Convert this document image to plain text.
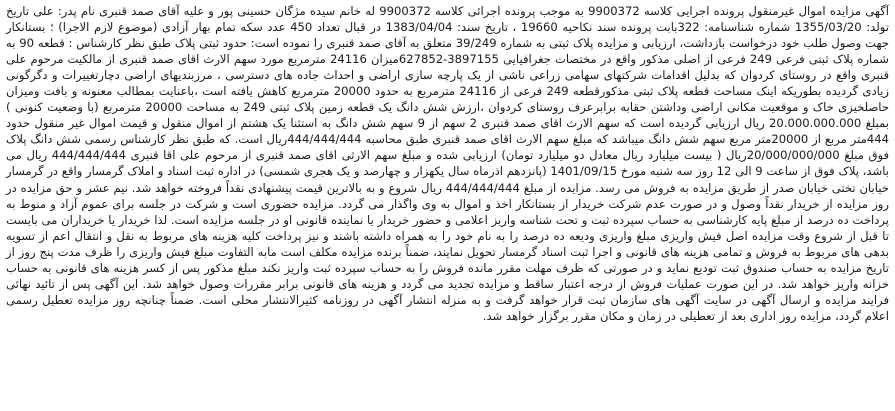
آگهی مزایده اموال غیرمنقول پرونده اجرایی کلاسه 9900372 به موجب پرونده اجرائی کلاسه 9900372 له خانم سیده مژگان حسینی پور و علیه آقای صمد قنبری نام پدر: علی تاریخ تولد: 1355/03/20 شماره شناسنامه: 322بابت پرونده سند نکاحیه 19660 ، تاریخ سند: 1383/04/04 در قبال تعداد 450 عدد سکه تمام بهار آزادی (موضوع لازم الاجرا) ؛ بستانکار جهت وصول طلب خود درخواست بازداشت، ارزیابی و مزایده پلاک ثبتی به شماره 39/249 متعلق به آقای صمد قنبری را نموده است: حدود ثبتی پلاک طبق نظر کارشناس : قطعه 90 به شماره پلاک ثبتی فرعی 249 فرعی از اصلی مذکور واقع در مختصات جغرافیایی 3897155-627852میزان 24116 مترمربع مورد سهم الارث اقای صمد قنبری از مالکیت مرحوم علی قنبری واقع در روستای کردوان که بدلیل اقدامات شرکتهای سهامی زراعی ناشی از یک پارچه سازی اراضی و احداث جاده های دسترسی ، مرزبندیهای اراضی دچارتغییرات و دگرگونی زیادی گردیده بطوریکه اینک مساحت قطعه پلاک ثبتی مذکورقطعه 249 فرعی از 24116 مترمربع به حدود 20000 مترمربع کاهش یافته است ،باعنایت بمطالب معنونه و بافت ومیزان حاصلخیزی خاک و موقعیت مکانی اراضی وداشتن حقابه برابرعرف روستای کردوان ،ارزش شش دانگ یک قطعه زمین پلاک ثبتی 249 به مساحت 20000 مترمربع (با وضعیت کنونی ) بمبلغ 20.000.000.000 ریال ارزیابی گردیده است که سهم الارث اقای صمد قنبری 2 سهم از 9 سهم شش دانگ به استثنا یک هشتم از اموال منقول و قیمت اموال غیر منقول حدود 444متر مربع از 20000متر مربع سهم شش دانگ میباشد که مبلغ سهم الارث اقای صمد قنبری طبق محاسبه 444/444/444ریال است. که طبق نظر کارشناس رسمی شش دانگ پلاک فوق مبلغ 20/000/000/000ریال ( بیست میلیارد ریال معادل دو میلیارد تومان) ارزیابی شده و مبلغ سهم الارثی اقای صمد قنبری از مرحوم علی اقا قنبری 444/444/444 ریال می باشد، پلاک فوق از ساعت 9 الی 12 روز سه شنبه مورخ 1401/09/15 (پانزدهم اذرماه سال یکهزار و چهارصد و یک هجری شمسی) در اداره ثبت اسناد و املاک گرمسار واقع در گرمسار خیابان تختی خیابان صدر از طریق مزایده به فروش می رسد. مزایده از مبلغ 444/444/444 ریال شروع و به بالاترین قیمت پیشنهادی نقداً فروخته خواهد شد. نیم عشر و حق مزایده در روز مزایده از خریدار نقداً وصول و در صورت عدم شرکت خریدار از بستانکار اخذ و اموال به وی واگذار می گردد. مزایده حضوری است و شرکت در جلسه برای عموم آزاد و منوط به پرداخت ده درصد از مبلغ پایه کارشناسی به حساب سپرده ثبت و تحت شناسه واریز اعلامی و حضور خریدار یا نماینده قانونی او در جلسه مزایده است. لذا خریدار یا خریداران می بایست تا قبل از شروع وقت مزایده اصل فیش واریزی مبلغ واریزی ودیعه ده درصد را به نام خود را به همراه داشته باشند و نیز پرداخت کلیه هزینه های مربوط به نقل و انتقال اعم از تسویه بدهی های مربوط به فروش و تمامی هزینه های قانونی و اجرا ثبت اسناد گرمسار تحویل نمایند، ضمناً برنده مزایده مکلف است مابه التفاوت مبلغ فیش واریزی را ظرف مدت پنج روز از تاریخ مزایده به حساب صندوق ثبت تودیع نماید و در صورتی که ظرف مهلت مقرر مانده فروش را به حساب سپرده ثبت واریز نکند مبلغ مذکور پس از کسر هزینه های قانونی به حساب خزانه واریز خواهد شد. در این صورت عملیات فروش از درجه اعتبار ساقط و مزایده تجدید می گردد و هزینه های قانونی برابر مقررات وصول خواهد شد. این آگهی پس از تائید نهائی فرایند مزایده و ارسال آگهی در سایت آگهی های سازمان ثبت قرار خواهد گرفت و به منزله انتشار آگهی در روزنامه کثیرالانتشار محلی است. ضمناً چنانچه روز مزایده تعطیل رسمی اعلام گردد، مزایده روز اداری بعد از تعطیلی در زمان و مکان مقرر برگزار خواهد شد.
